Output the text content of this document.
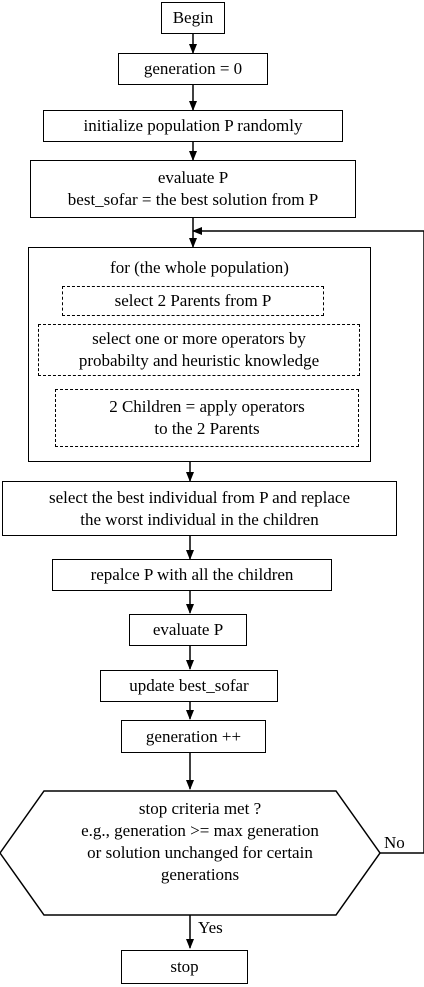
Begin
generation = 0
initialize population P randomly
evaluate P
best_sofar = the best solution from P
for (the whole population)
select 2 Parents from P
select one or more operators by
probabilty and heuristic knowledge
2 Children = apply operators
to the 2 Parents
select the best individual from P and replace
the worst individual in the children
repalce P with all the children
evaluate P
update best_sofar
generation ++
stop criteria met ?
e.g., generation >= max generation
or solution unchanged for certain
generations
No
Yes
stop
